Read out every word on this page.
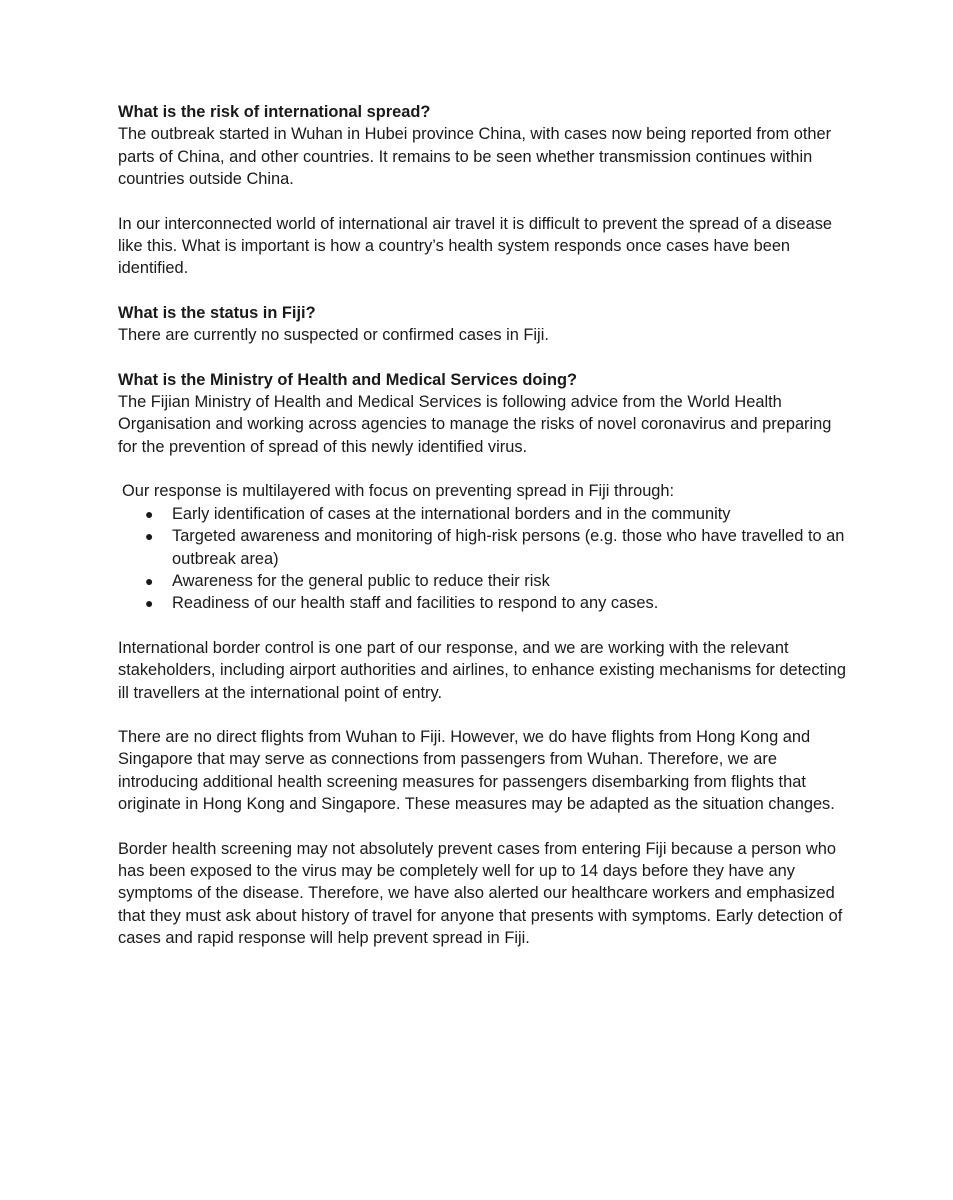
What is the risk of international spread?

The outbreak started in Wuhan in Hubei province China, with cases now being reported from other parts of China, and other countries. It remains to be seen whether transmission continues within countries outside China.

In our interconnected world of international air travel it is difficult to prevent the spread of a disease like this. What is important is how a country’s health system responds once cases have been identified.

What is the status in Fiji?

There are currently no suspected or confirmed cases in Fiji.

What is the Ministry of Health and Medical Services doing?

The Fijian Ministry of Health and Medical Services is following advice from the World Health Organisation and working across agencies to manage the risks of novel coronavirus and preparing for the prevention of spread of this newly identified virus.

Our response is multilayered with focus on preventing spread in Fiji through:

● Early identification of cases at the international borders and in the community
● Targeted awareness and monitoring of high-risk persons (e.g. those who have travelled to an outbreak area)
● Awareness for the general public to reduce their risk
● Readiness of our health staff and facilities to respond to any cases.

International border control is one part of our response, and we are working with the relevant stakeholders, including airport authorities and airlines, to enhance existing mechanisms for detecting ill travellers at the international point of entry.

There are no direct flights from Wuhan to Fiji. However, we do have flights from Hong Kong and Singapore that may serve as connections from passengers from Wuhan. Therefore, we are introducing additional health screening measures for passengers disembarking from flights that originate in Hong Kong and Singapore. These measures may be adapted as the situation changes.

Border health screening may not absolutely prevent cases from entering Fiji because a person who has been exposed to the virus may be completely well for up to 14 days before they have any symptoms of the disease. Therefore, we have also alerted our healthcare workers and emphasized that they must ask about history of travel for anyone that presents with symptoms. Early detection of cases and rapid response will help prevent spread in Fiji.
